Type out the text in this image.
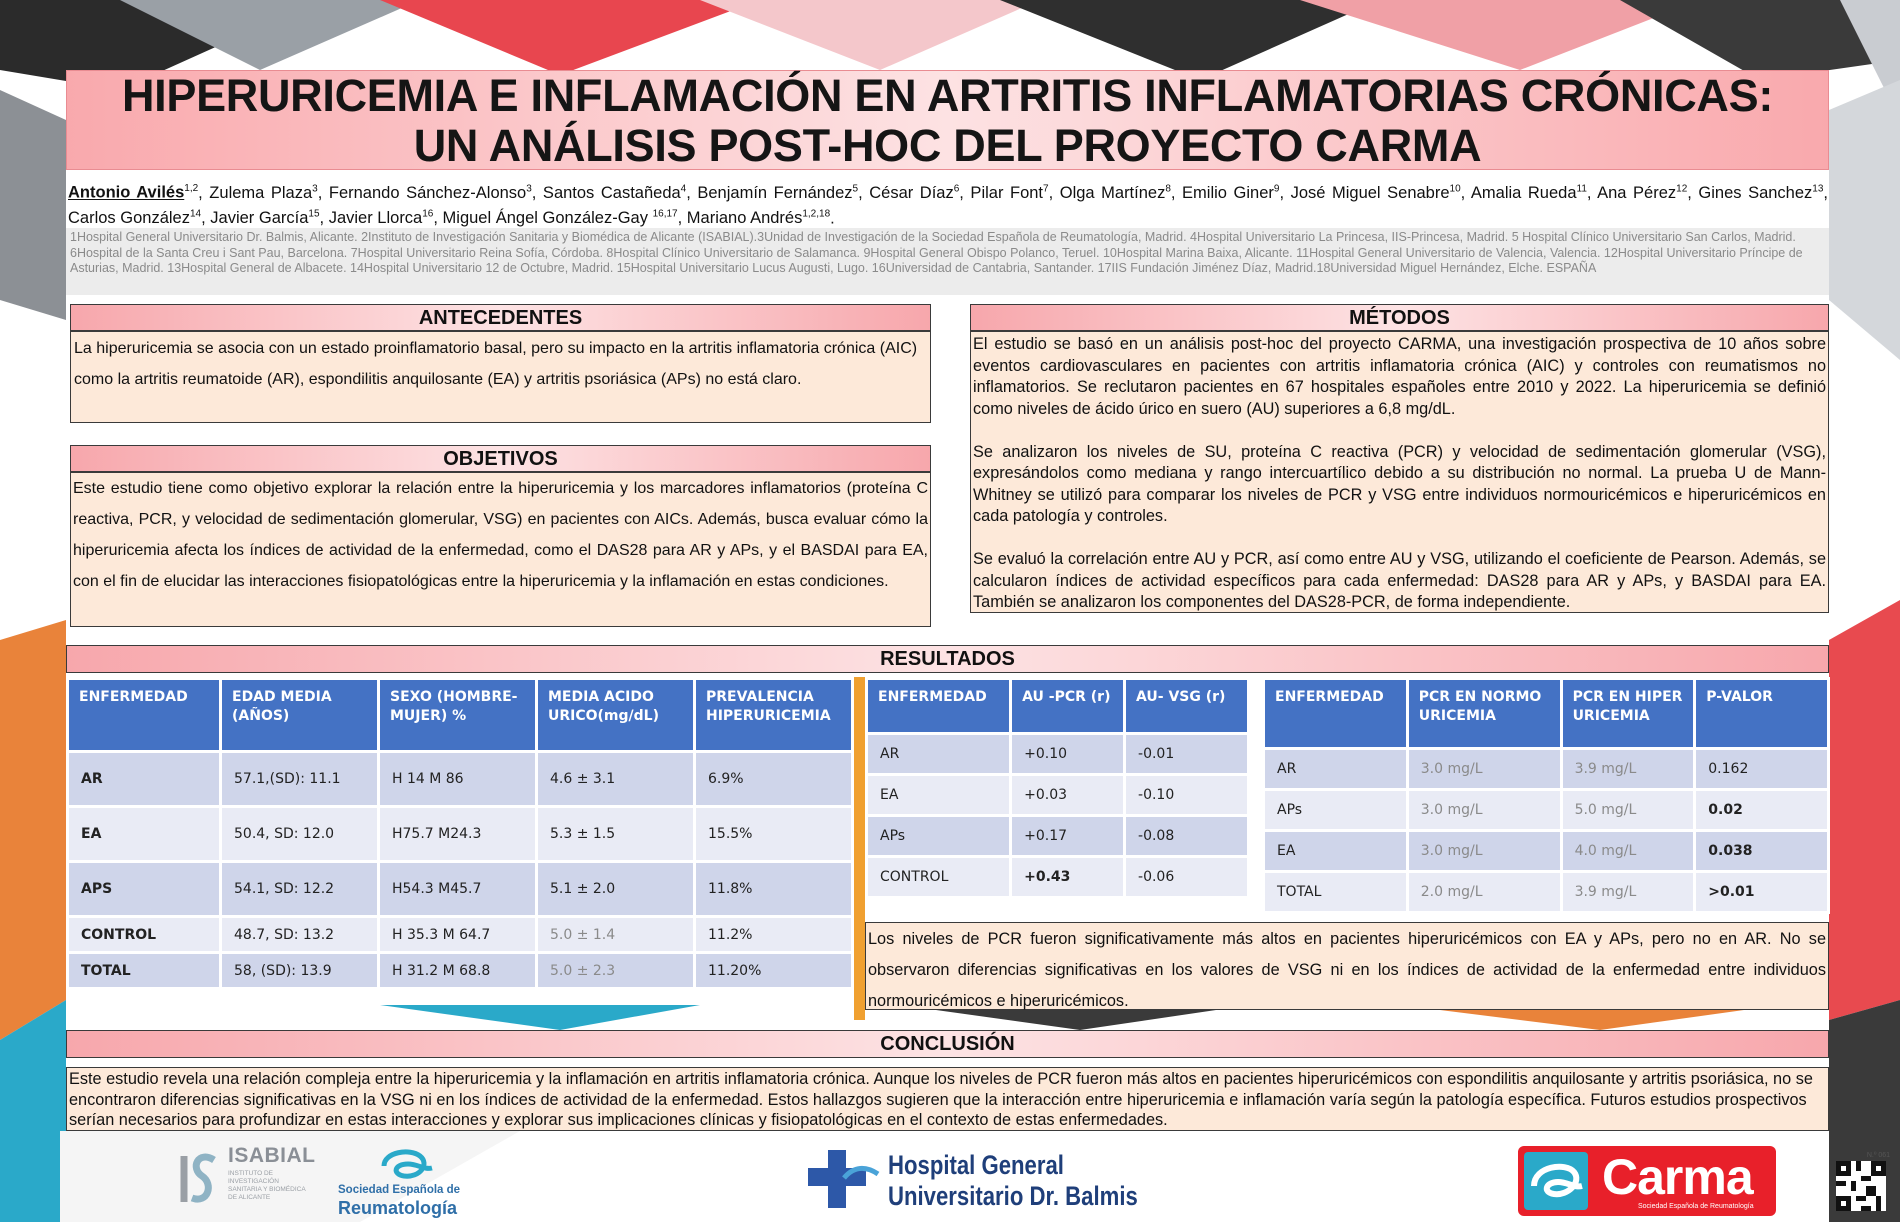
HIPERURICEMIA E INFLAMACIÓN EN ARTRITIS INFLAMATORIAS CRÓNICAS:
UN ANÁLISIS POST-HOC DEL PROYECTO CARMA
Antonio Avilés$^{1,2}$, Zulema Plaza$^3$, Fernando Sánchez-Alonso$^3$, Santos Castañeda$^4$, Benjamín Fernández$^5$, César Díaz$^6$, Pilar Font$^7$, Olga Martínez$^8$, Emilio Giner$^9$, José Miguel Senabre$^{10}$, Amalia Rueda$^{11}$, Ana Pérez$^{12}$, Gines Sanchez$^{13}$, Carlos González$^{14}$, Javier García$^{15}$, Javier Llorca$^{16}$, Miguel Ángel González-Gay $^{16,17}$, Mariano Andrés$^{1,2,18}$.
1Hospital General Universitario Dr. Balmis, Alicante. 2Instituto de Investigación Sanitaria y Biomédica de Alicante (ISABIAL).3Unidad de Investigación de la Sociedad Española de Reumatología, Madrid. 4Hospital Universitario La Princesa, IIS-Princesa, Madrid. 5 Hospital Clínico Universitario San Carlos, Madrid. 6Hospital de la Santa Creu i Sant Pau, Barcelona. 7Hospital Universitario Reina Sofía, Córdoba. 8Hospital Clínico Universitario de Salamanca. 9Hospital General Obispo Polanco, Teruel. 10Hospital Marina Baixa, Alicante. 11Hospital General Universitario de Valencia, Valencia. 12Hospital Universitario Príncipe de Asturias, Madrid. 13Hospital General de Albacete. 14Hospital Universitario 12 de Octubre, Madrid. 15Hospital Universitario Lucus Augusti, Lugo. 16Universidad de Cantabria, Santander. 17IIS Fundación Jiménez Díaz, Madrid.18Universidad Miguel Hernández, Elche. ESPAÑA
ANTECEDENTES
La hiperuricemia se asocia con un estado proinflamatorio basal, pero su impacto en la artritis inflamatoria crónica (AIC) como la artritis reumatoide (AR), espondilitis anquilosante (EA) y artritis psoriásica (APs) no está claro.
OBJETIVOS
Este estudio tiene como objetivo explorar la relación entre la hiperuricemia y los marcadores inflamatorios (proteína C reactiva, PCR, y velocidad de sedimentación glomerular, VSG) en pacientes con AICs. Además, busca evaluar cómo la hiperuricemia afecta los índices de actividad de la enfermedad, como el DAS28 para AR y APs, y el BASDAI para EA, con el fin de elucidar las interacciones fisiopatológicas entre la hiperuricemia y la inflamación en estas condiciones.
MÉTODOS

El estudio se basó en un análisis post-hoc del proyecto CARMA, una investigación prospectiva de 10 años sobre eventos cardiovasculares en pacientes con artritis inflamatoria crónica (AIC) y controles con reumatismos no inflamatorios. Se reclutaron pacientes en 67 hospitales españoles entre 2010 y 2022. La hiperuricemia se definió como niveles de ácido úrico en suero (AU) superiores a 6,8 mg/dL.

Se analizaron los niveles de SU, proteína C reactiva (PCR) y velocidad de sedimentación glomerular (VSG), expresándolos como mediana y rango intercuartílico debido a su distribución no normal. La prueba U de Mann-Whitney se utilizó para comparar los niveles de PCR y VSG entre individuos normouricémicos e hiperuricémicos en cada patología y controles.

Se evaluó la correlación entre AU y PCR, así como entre AU y VSG, utilizando el coeficiente de Pearson. Además, se calcularon índices de actividad específicos para cada enfermedad: DAS28 para AR y APs, y BASDAI para EA. También se analizaron los componentes del DAS28-PCR, de forma independiente.

RESULTADOS
ENFERMEDAD	EDAD MEDIA (AÑOS)	SEXO (HOMBRE-MUJER) %	MEDIA ACIDO URICO(mg/dL)	PREVALENCIA HIPERURICEMIA
AR	57.1,(SD): 11.1	H 14 M 86	4.6 ± 3.1	6.9%
EA	50.4, SD: 12.0	H75.7 M24.3	5.3 ± 1.5	15.5%
APS	54.1, SD: 12.2	H54.3 M45.7	5.1 ± 2.0	11.8%
CONTROL	48.7, SD: 13.2	H 35.3 M 64.7	5.0 ± 1.4	11.2%
TOTAL	58, (SD): 13.9	H 31.2 M 68.8	5.0 ± 2.3	11.20%
ENFERMEDAD	AU -PCR (r)	AU- VSG (r)
AR	+0.10	-0.01
EA	+0.03	-0.10
APs	+0.17	-0.08
CONTROL	+0.43	-0.06
ENFERMEDAD	PCR EN NORMO URICEMIA	PCR EN HIPER URICEMIA	P-VALOR
AR	3.0 mg/L	3.9 mg/L	0.162
APs	3.0 mg/L	5.0 mg/L	0.02
EA	3.0 mg/L	4.0 mg/L	0.038
TOTAL	2.0 mg/L	3.9 mg/L	>0.01
Los niveles de PCR fueron significativamente más altos en pacientes hiperuricémicos con EA y APs, pero no en AR. No se observaron diferencias significativas en los valores de VSG ni en los índices de actividad de la enfermedad entre individuos normouricémicos e hiperuricémicos.
CONCLUSIÓN
Este estudio revela una relación compleja entre la hiperuricemia y la inflamación en artritis inflamatoria crónica. Aunque los niveles de PCR fueron más altos en pacientes hiperuricémicos con espondilitis anquilosante y artritis psoriásica, no se encontraron diferencias significativas en la VSG ni en los índices de actividad de la enfermedad. Estos hallazgos sugieren que la interacción entre hiperuricemia e inflamación varía según la patología específica. Futuros estudios prospectivos serían necesarios para profundizar en estas interacciones y explorar sus implicaciones clínicas y fisiopatológicas en el contexto de estas enfermedades.
ISABIAL
INSTITUTO DE INVESTIGACIÓN SANITARIA Y BIOMÉDICA DE ALICANTE
Sociedad Española de
Reumatología
Hospital General
Universitario Dr. Balmis	Carma
Sociedad Española de Reumatología
N.º 061
